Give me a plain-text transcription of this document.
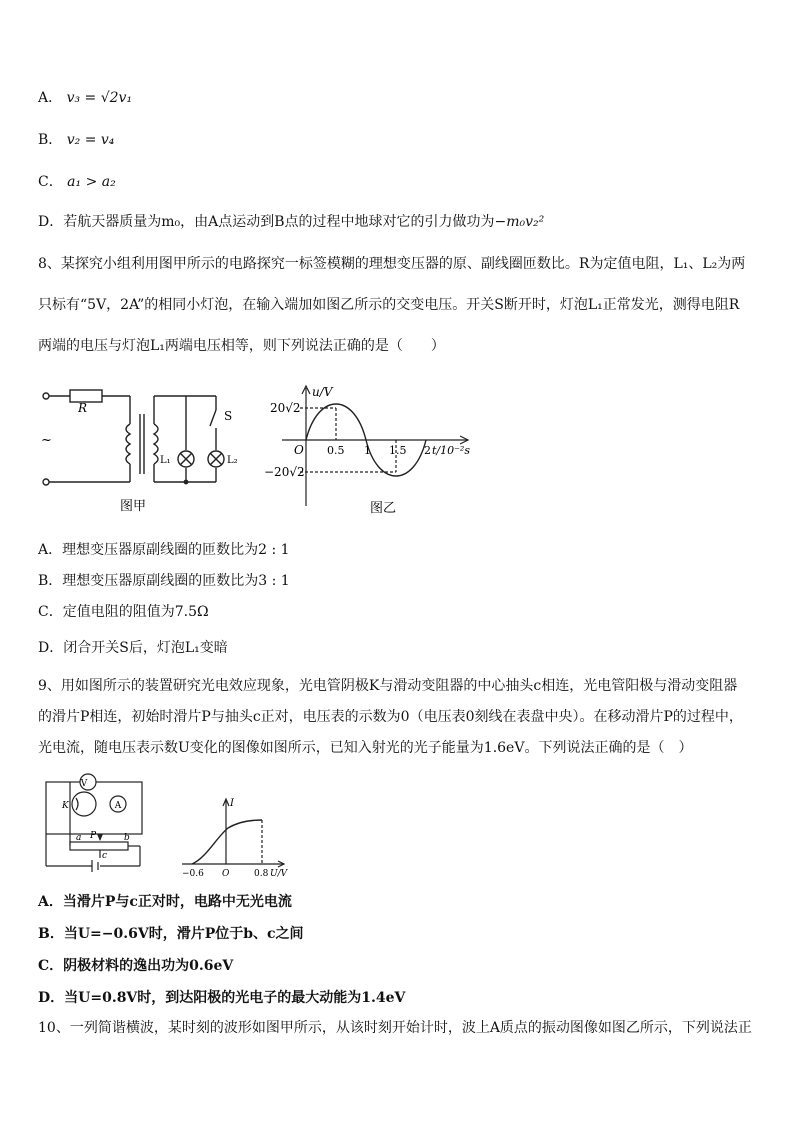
A． v₃ = √2v₁
B． v₂ = v₄
C． a₁ > a₂
D．若航天器质量为m₀，由A点运动到B点的过程中地球对它的引力做功为−m₀v₂²
8、某探究小组利用图甲所示的电路探究一标签模糊的理想变压器的原、副线圈匝数比。R为定值电阻，L₁、L₂为两
只标有“5V，2A”的相同小灯泡，在输入端加如图乙所示的交变电压。开关S断开时，灯泡L₁正常发光，测得电阻R
两端的电压与灯泡L₁两端电压相等，则下列说法正确的是（　　）
R
S
L₁	L₂
~
图甲
u/V
20√2
−20√2
O 0.5 1 1.5 2 t/10⁻²s
图乙
A．理想变压器原副线圈的匝数比为2 : 1
B．理想变压器原副线圈的匝数比为3 : 1
C．定值电阻的阻值为7.5Ω
D．闭合开关S后，灯泡L₁变暗
9、用如图所示的装置研究光电效应现象，光电管阴极K与滑动变阻器的中心抽头c相连，光电管阳极与滑动变阻器
的滑片P相连，初始时滑片P与抽头c正对，电压表的示数为0（电压表0刻线在表盘中央）。在移动滑片P的过程中，
光电流，随电压表示数U变化的图像如图所示，已知入射光的光子能量为1.6eV。下列说法正确的是（　）
V
A
K
a	b
P
c
I
−0.6 O	0.8 U/V
A．当滑片P与c正对时，电路中无光电流
B．当U=−0.6V时，滑片P位于b、c之间
C．阴极材料的逸出功为0.6eV
D．当U=0.8V时，到达阳极的光电子的最大动能为1.4eV
10、一列简谐横波，某时刻的波形如图甲所示，从该时刻开始计时，波上A质点的振动图像如图乙所示，下列说法正
